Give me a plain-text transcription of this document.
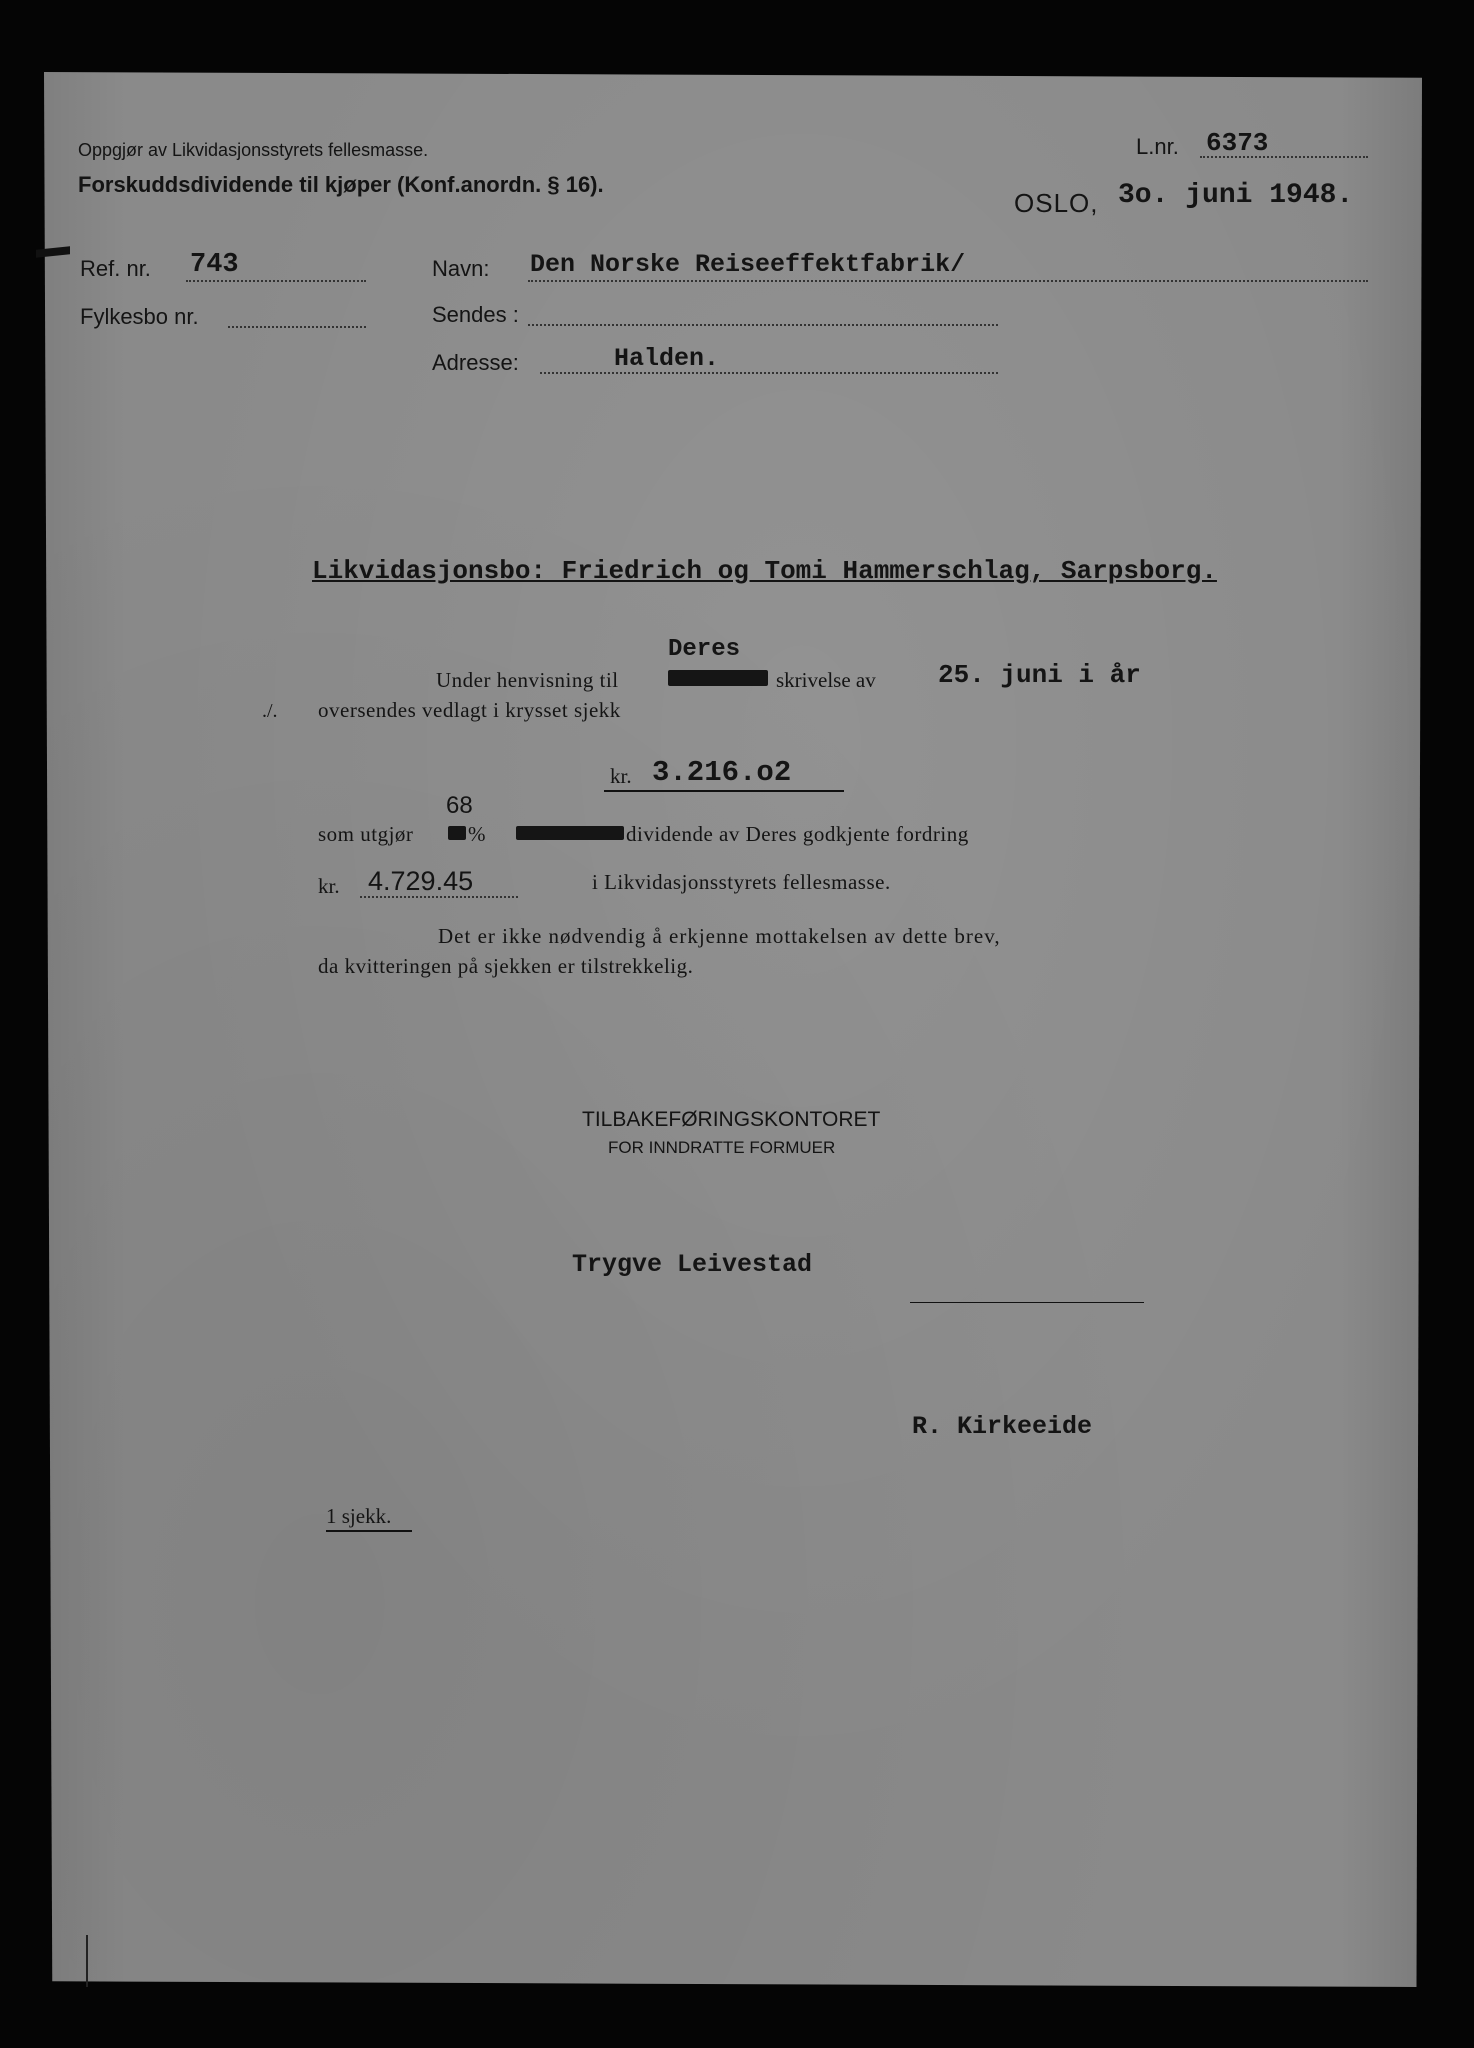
Oppgjør av Likvidasjonsstyrets fellesmasse.
Forskuddsdividende til kjøper (Konf.anordn. § 16).
L.nr. 6373
OSLO, 3o. juni 1948.
Ref. nr. 743
Fylkesbo nr.
Navn: Den Norske Reiseeffektfabrik/
Sendes :
Adresse:	Halden.
Likvidasjonsbo: Friedrich og Tomi Hammerschlag, Sarpsborg.
Deres
Under henvisning til	skrivelse av 25. juni i år
./. oversendes vedlagt i krysset sjekk
kr. 3.216.o2
68
som utgjør	%	dividende av Deres godkjente fordring
kr. 4.729.45	i Likvidasjonsstyrets fellesmasse.
Det er ikke nødvendig å erkjenne mottakelsen av dette brev,
da kvitteringen på sjekken er tilstrekkelig.
TILBAKEFØRINGSKONTORET
FOR INNDRATTE FORMUER
Trygve Leivestad
R. Kirkeeide
1 sjekk.
